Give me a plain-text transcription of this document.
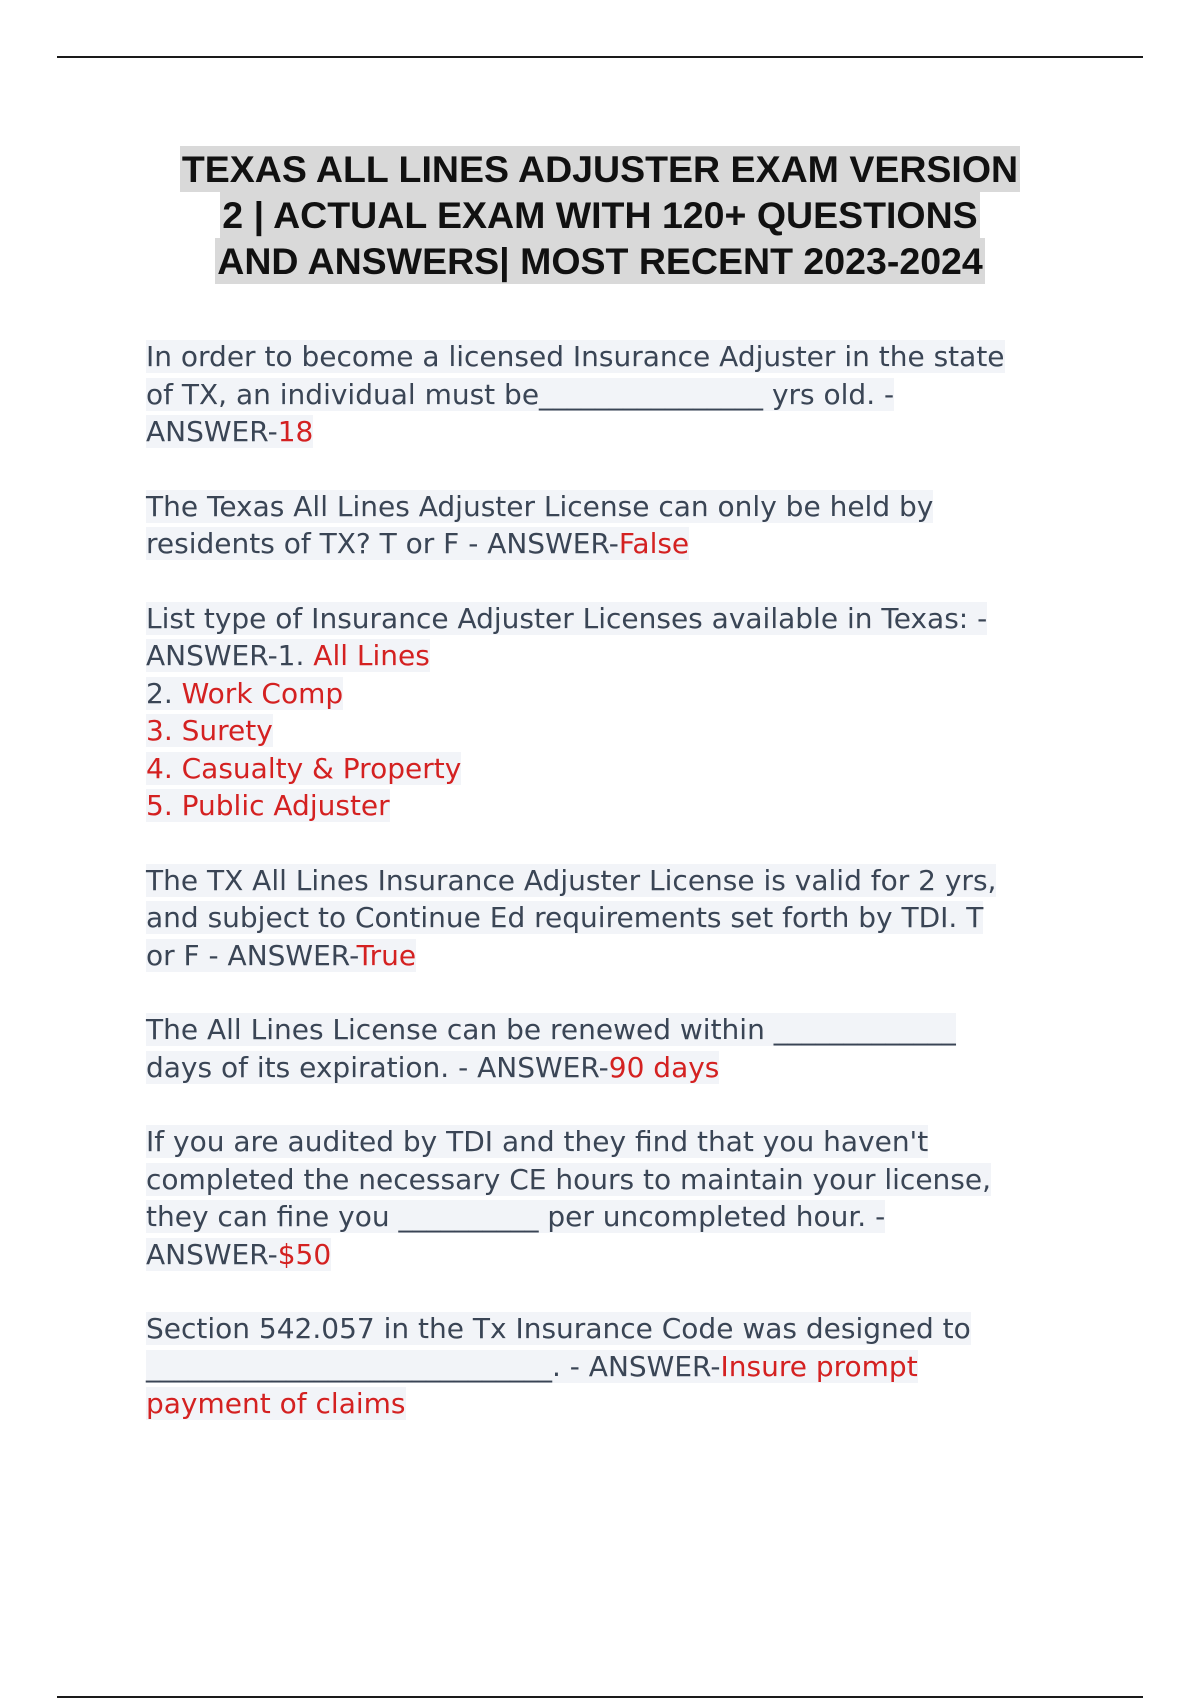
TEXAS ALL LINES ADJUSTER EXAM VERSION
2 | ACTUAL EXAM WITH 120+ QUESTIONS
AND ANSWERS| MOST RECENT 2023-2024
In order to become a licensed Insurance Adjuster in the state
of TX, an individual must be________________ yrs old. -
ANSWER-18
The Texas All Lines Adjuster License can only be held by
residents of TX? T or F - ANSWER-False
List type of Insurance Adjuster Licenses available in Texas: -
ANSWER-1. All Lines
2. Work Comp
3. Surety
4. Casualty & Property
5. Public Adjuster
The TX All Lines Insurance Adjuster License is valid for 2 yrs,
and subject to Continue Ed requirements set forth by TDI. T
or F - ANSWER-True
The All Lines License can be renewed within _____________
days of its expiration. - ANSWER-90 days
If you are audited by TDI and they find that you haven't
completed the necessary CE hours to maintain your license,
they can fine you __________ per uncompleted hour. -
ANSWER-$50
Section 542.057 in the Tx Insurance Code was designed to
_____________________________. - ANSWER-Insure prompt
payment of claims
